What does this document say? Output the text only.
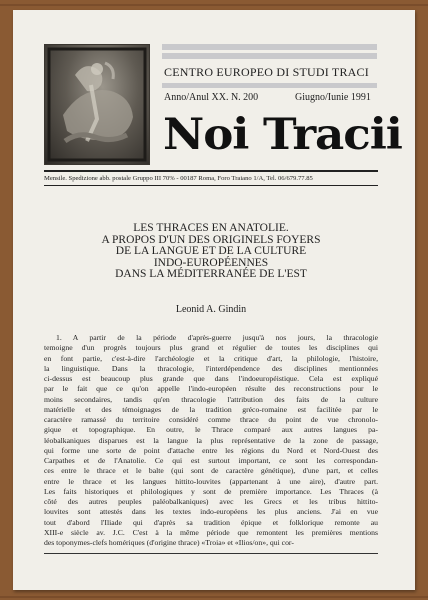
CENTRO EUROPEO DI STUDI TRACI
Anno/Anul XX. N. 200	Giugno/Iunie 1991
Noi Tracii
Mensile. Spedizione abb. postale Gruppo III 70% - 00187 Roma, Foro Traiano 1/A, Tel. 06/679.77.85
LES THRACES EN ANATOLIE.
A PROPOS D'UN DES ORIGINELS FOYERS
DE LA LANGUE ET DE LA CULTURE
INDO-EUROPÉENNES
DANS LA MÉDITERRANÉE DE L'EST
Leonid A. Gindin
1. A partir de la période d'après-guerre jusqu'à nos jours, la thracologie
temoigne d'un progrès toujours plus grand et régulier de toutes les disciplines qui
en font partie, c'est-à-dire l'archéologie et la critique d'art, la philologie, l'histoire,
la linguistique. Dans la thracologie, l'interdépendence des disciplines mentionnées
ci-dessus est beaucoup plus grande que dans l'indoeuropéistique. Cela est expliqué
par le fait que ce qu'on appelle l'indo-européen résulte des reconstructions pour le
moins secondaires, tandis qu'en thracologie l'attribution des faits de la culture
matérielle et des témoignages de la tradition gréco-romaine est facilitée par le
caractère ramassé du territoire considéré comme thrace du point de vue chronolo-
gique et topographique. En outre, le Thrace comparé aux autres langues pa-
léobalkaniques disparues est la langue la plus représentative de la zone de passage,
qui forme une sorte de point d'attache entre les régions du Nord et Nord-Ouest des
Carpathes et de l'Anatolie. Ce qui est surtout important, ce sont les correspondan-
ces entre le thrace et le balte (qui sont de caractère génétique), d'une part, et celles
entre le thrace et les langues hittito-louvites (appartenant à une aire), d'autre part.
Les faits historiques et philologiques y sont de première importance. Les Thraces (à
côté des autres peuples paléobalkaniques) avec les Grecs et les tribus hittito-
louvites sont attestés dans les textes indo-européens les plus anciens. J'ai en vue
tout d'abord l'Iliade qui d'après sa tradition épique et folklorique remonte au
XIII-e siècle av. J.C. C'est à la même période que remontent les premières mentions
des toponymes-clefs homériques (d'origine thrace) «Troia» et «Ilios/on», qui cor-
